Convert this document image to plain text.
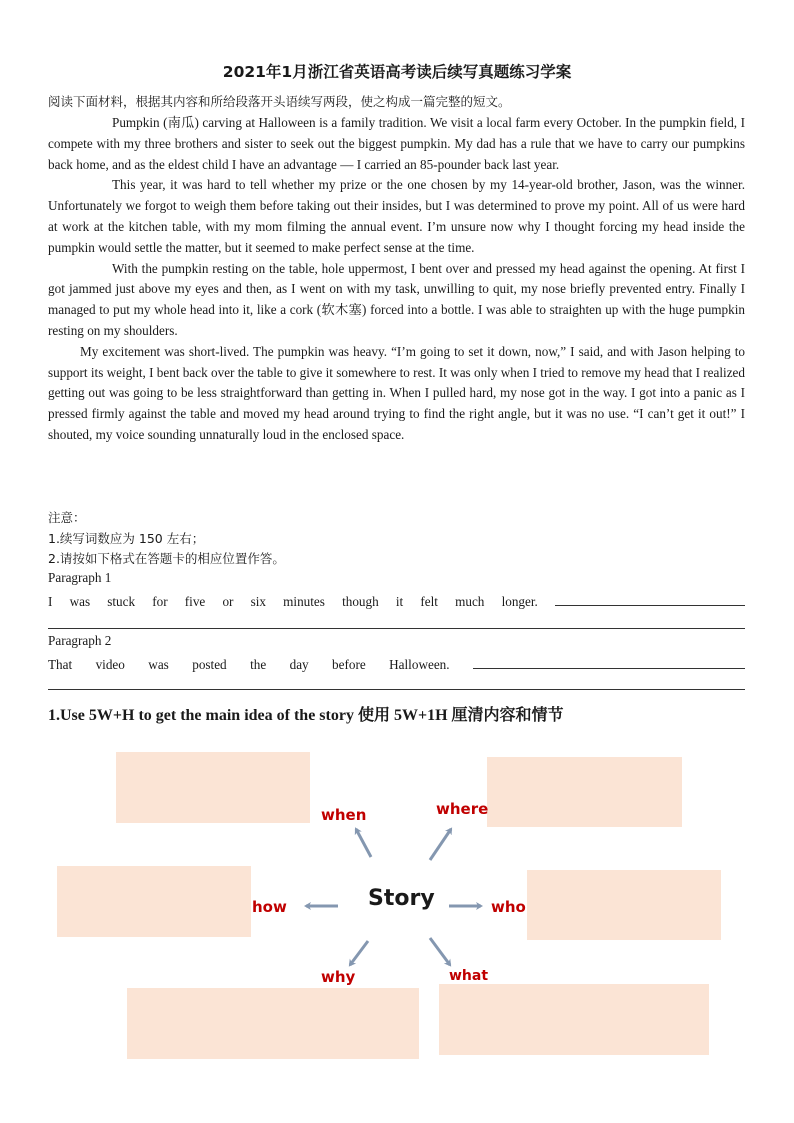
2021年1月浙江省英语高考读后续写真题练习学案
阅读下面材料，根据其内容和所给段落开头语续写两段，使之构成一篇完整的短文。

Pumpkin (南瓜) carving at Halloween is a family tradition. We visit a local farm every October. In the pumpkin field, I compete with my three brothers and sister to seek out the biggest pumpkin. My dad has a rule that we have to carry our pumpkins back home, and as the eldest child I have an advantage — I carried an 85-pounder back last year.

This year, it was hard to tell whether my prize or the one chosen by my 14-year-old brother, Jason, was the winner. Unfortunately we forgot to weigh them before taking out their insides, but I was determined to prove my point. All of us were hard at work at the kitchen table, with my mom filming the annual event. I’m unsure now why I thought forcing my head inside the pumpkin would settle the matter, but it seemed to make perfect sense at the time.

With the pumpkin resting on the table, hole uppermost, I bent over and pressed my head against the opening. At first I got jammed just above my eyes and then, as I went on with my task, unwilling to quit, my nose briefly prevented entry. Finally I managed to put my whole head into it, like a cork (软木塞) forced into a bottle. I was able to straighten up with the huge pumpkin resting on my shoulders.

My excitement was short-lived. The pumpkin was heavy. “I’m going to set it down, now,” I said, and with Jason helping to support its weight, I bent back over the table to give it somewhere to rest. It was only when I tried to remove my head that I realized getting out was going to be less straightforward than getting in. When I pulled hard, my nose got in the way. I got into a panic as I pressed firmly against the table and moved my head around trying to find the right angle, but it was no use. “I can’t get it out!” I shouted, my voice sounding unnaturally loud in the enclosed space.

注意：
1.续写词数应为 150 左右；
2.请按如下格式在答题卡的相应位置作答。
Paragraph 1
I was stuck for five or six minutes though it felt much longer.
Paragraph 2
That video was posted the day before Halloween.
1.Use 5W+H to get the main idea of the story 使用 5W+1H 厘清内容和情节
Story
when	where
how	who
why	what
